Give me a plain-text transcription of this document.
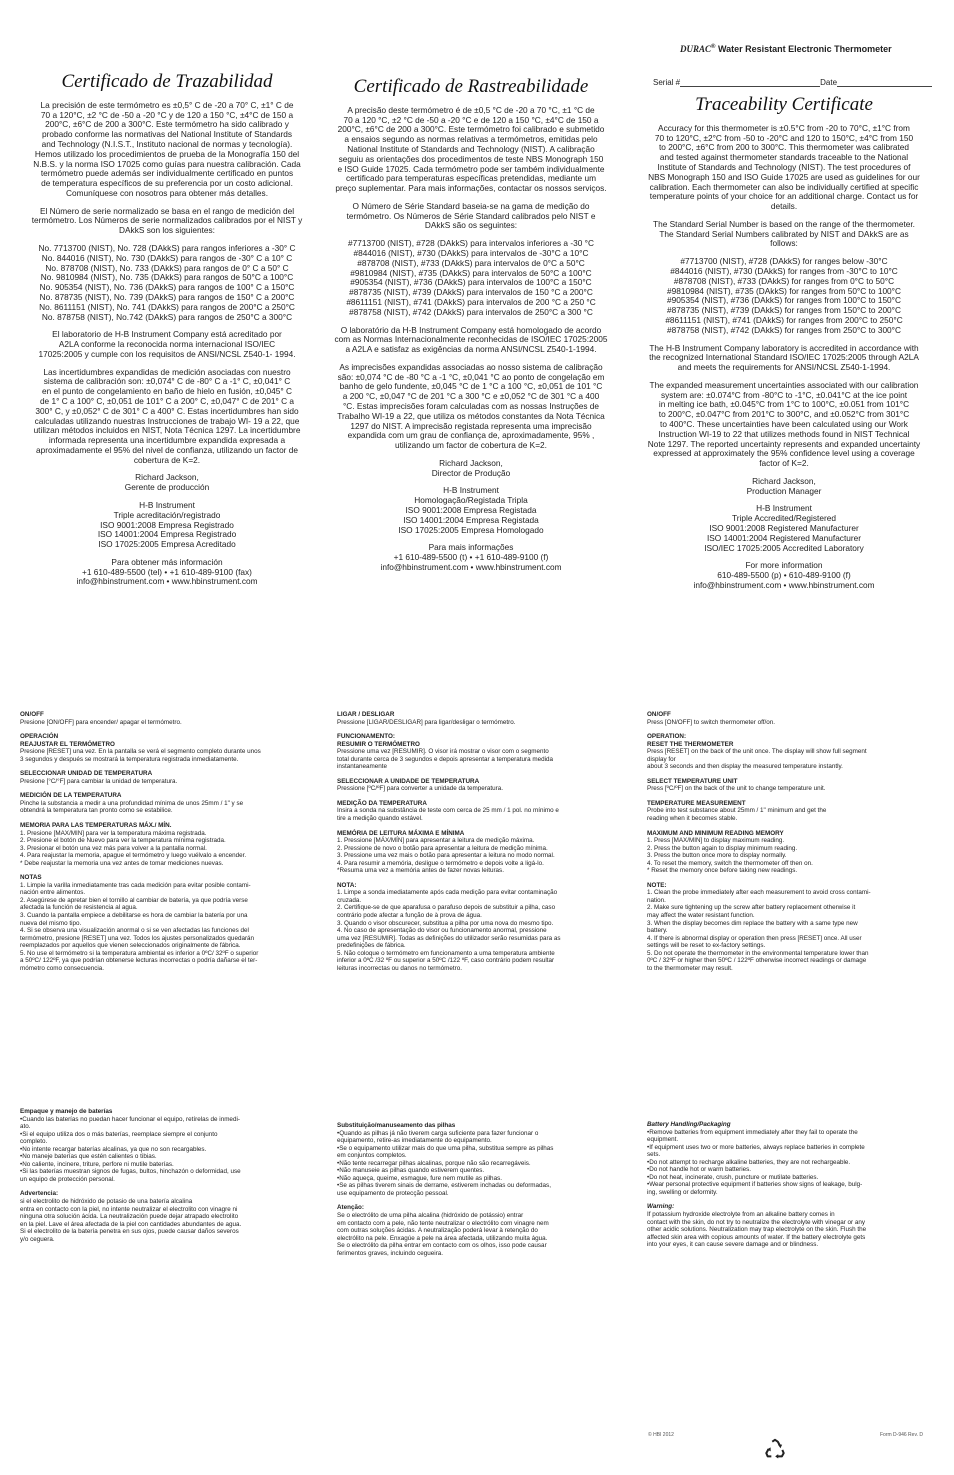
DURAC® Water Resistant Electronic Thermometer
Certificado de Trazabilidad

La precisión de este termómetro es ±0,5° C de -20 a 70° C, ±1° C de
70 a 120°C, ±2 °C de -50 a -20 °C y de 120 a 150 °C, ±4°C de 150 a
200°C, ±6°C de 200 a 300°C. Este termómetro ha sido calibrado y
probado conforme las normativas del National Institute of Standards
and Technology (N.I.S.T., Instituto nacional de normas y tecnología).
Hemos utilizado los procedimientos de prueba de la Monografía 150 del
N.B.S. y la norma ISO 17025 como guías para nuestra calibración. Cada
termómetro puede además ser individualmente certificado en puntos
de temperatura específicos de su preferencia por un costo adicional.
Comuníquese con nosotros para obtener más detalles.

El Número de serie normalizado se basa en el rango de medición del
termómetro. Los Números de serie normalizados calibrados por el NIST y
DAkkS son los siguientes:

No. 7713700 (NIST), No. 728 (DAkkS) para rangos inferiores a -30° C
No. 844016 (NIST), No. 730 (DAkkS) para rangos de -30° C a 10° C
No. 878708 (NIST), No. 733 (DAkkS) para rangos de 0° C a 50° C
No. 9810984 (NIST), No. 735 (DAkkS) para rangos de 50°C a 100°C
No. 905354 (NIST), No. 736 (DAkkS) para rangos de 100° C a 150°C
No. 878735 (NIST), No. 739 (DAkkS) para rangos de 150° C a 200°C
No. 8611151 (NIST), No. 741 (DAkkS) para rangos de 200°C a 250°C
No. 878758 (NIST), No.742 (DAkkS) para rangos de 250°C a 300°C

El laboratorio de H-B Instrument Company está acreditado por
A2LA conforme la reconocida norma internacional ISO/IEC
17025:2005 y cumple con los requisitos de ANSI/NCSL Z540-1- 1994.

Las incertidumbres expandidas de medición asociadas con nuestro
sistema de calibración son: ±0,074° C de -80° C a -1° C, ±0,041° C
en el punto de congelamiento en baño de hielo en fusión, ±0,045° C
de 1° C a 100° C, ±0,051 de 101° C a 200° C, ±0,047° C de 201° C a
300° C, y ±0,052° C de 301° C a 400° C. Estas incertidumbres han sido
calculadas utilizando nuestras Instrucciones de trabajo WI- 19 a 22, que
utilizan métodos incluidos en NIST, Nota Técnica 1297. La incertidumbre
informada representa una incertidumbre expandida expresada a
aproximadamente el 95% del nivel de confianza, utilizando un factor de
cobertura de K=2.

Richard Jackson,
Gerente de producción

H-B Instrument
Triple acreditación/registrado
ISO 9001:2008 Empresa Registrado
ISO 14001:2004 Empresa Registrado
ISO 17025:2005 Empresa Acreditado

Para obtener más información
+1 610-489-5500 (tel) • +1 610-489-9100 (fax)
info@hbinstrument.com • www.hbinstrument.com

Certificado de Rastreabilidade

A precisão deste termómetro é de ±0,5 °C de -20 a 70 °C, ±1 °C de
70 a 120 °C, ±2 °C de -50 a -20 °C e de 120 a 150 °C, ±4°C de 150 a
200°C, ±6°C de 200 a 300°C. Este termómetro foi calibrado e submetido
a ensaios segundo as normas relativas a termómetros, emitidas pelo
National Institute of Standards and Technology (NIST). A calibração
seguiu as orientações dos procedimentos de teste NBS Monograph 150
e ISO Guide 17025. Cada termómetro pode ser também individualmente
certificado para temperaturas específicas pretendidas, mediante um
preço suplementar. Para mais informações, contactar os nossos serviços.

O Número de Série Standard baseia-se na gama de medição do
termómetro. Os Números de Série Standard calibrados pelo NIST e
DAkkS são os seguintes:

#7713700 (NIST), #728 (DAkkS) para intervalos inferiores a -30 °C
#844016 (NIST), #730 (DAkkS) para intervalos de -30°C a 10°C
#878708 (NIST), #733 (DAkkS) para intervalos de 0°C a 50°C
#9810984 (NIST), #735 (DAkkS) para intervalos de 50°C a 100°C
#905354 (NIST), #736 (DAkkS) para intervalos de 100°C a 150°C
#878735 (NIST), #739 (DAkkS) para intervalos de 150 °C a 200°C
#8611151 (NIST), #741 (DAkkS) para intervalos de 200 °C a 250 °C
#878758 (NIST), #742 (DAkkS) para intervalos de 250°C a 300 °C

O laboratório da H-B Instrument Company está homologado de acordo
com as Normas Internacionalmente reconhecidas de ISO/IEC 17025:2005
a A2LA e satisfaz as exigências da norma ANSI/NCSL Z540-1-1994.

As imprecisões expandidas associadas ao nosso sistema de calibração
são: ±0,074 °C de -80 °C a -1 °C, ±0,041 °C ao ponto de congelação em
banho de gelo fundente, ±0,045 °C de 1 °C a 100 °C, ±0,051 de 101 °C
a 200 °C, ±0,047 °C de 201 °C a 300 °C e ±0,052 °C de 301 °C a 400
°C. Estas imprecisões foram calculadas com as nossas Instruções de
Trabalho WI-19 a 22, que utiliza os métodos constantes da Nota Técnica
1297 do NIST. A imprecisão registada representa uma imprecisão
expandida com um grau de confiança de, aproximadamente, 95% ,
utilizando um factor de cobertura de K=2.

Richard Jackson,
Director de Produção

H-B Instrument
Homologação/Registada Tripla
ISO 9001:2008 Empresa Registada
ISO 14001:2004 Empresa Registada
ISO 17025:2005 Empresa Homologado

Para mais informações
+1 610-489-5500 (t) • +1 610-489-9100 (f)
info@hbinstrument.com • www.hbinstrument.com

Serial #	Date
Traceability Certificate

Accuracy for this thermometer is ±0.5°C from -20 to 70°C, ±1°C from
70 to 120°C, ±2°C from -50 to -20°C and 120 to 150°C, ±4°C from 150
to 200°C, ±6°C from 200 to 300°C. This thermometer was calibrated
and tested against thermometer standards traceable to the National
Institute of Standards and Technology (NIST). The test procedures of
NBS Monograph 150 and ISO Guide 17025 are used as guidelines for our
calibration. Each thermometer can also be individually certified at specific
temperature points of your choice for an additional charge. Contact us for
details.

The Standard Serial Number is based on the range of the thermometer.
The Standard Serial Numbers calibrated by NIST and DAkkS are as
follows:

#7713700 (NIST), #728 (DAkkS) for ranges below -30°C
#844016 (NIST), #730 (DAkkS) for ranges from -30°C to 10°C
#878708 (NIST), #733 (DAkkS) for ranges from 0°C to 50°C
#9810984 (NIST), #735 (DAkkS) for ranges from 50°C to 100°C
#905354 (NIST), #736 (DAkkS) for ranges from 100°C to 150°C
#878735 (NIST), #739 (DAkkS) for ranges from 150°C to 200°C
#8611151 (NIST), #741 (DAkkS) for ranges from 200°C to 250°C
#878758 (NIST), #742 (DAkkS) for ranges from 250°C to 300°C

The H-B Instrument Company laboratory is accredited in accordance with
the recognized International Standard ISO/IEC 17025:2005 through A2LA
and meets the requirements for ANSI/NCSL Z540-1-1994.

The expanded measurement uncertainties associated with our calibration
system are: ±0.074°C from -80°C to -1°C, ±0.041°C at the ice point
in melting ice bath, ±0.045°C from 1°C to 100°C, ±0.051 from 101°C
to 200°C, ±0.047°C from 201°C to 300°C, and ±0.052°C from 301°C
to 400°C. These uncertainties have been calculated using our Work
Instruction WI-19 to 22 that utilizes methods found in NIST Technical
Note 1297. The reported uncertainty represents and expanded uncertainty
expressed at approximately the 95% confidence level using a coverage
factor of K=2.

Richard Jackson,
Production Manager

H-B Instrument
Triple Accredited/Registered
ISO 9001:2008 Registered Manufacturer
ISO 14001:2004 Registered Manufacturer
ISO/IEC 17025:2005 Accredited Laboratory

For more information
610-489-5500 (p) • 610-489-9100 (f)
info@hbinstrument.com • www.hbinstrument.com

ON/OFF

Presione [ON/OFF] para encender/ apagar el termómetro.

OPERACIÓN
REAJUSTAR EL TERMÓMETRO

Presione [RESET] una vez. En la pantalla se verá el segmento completo durante unos
3 segundos y después se mostrará la temperatura registrada inmediatamente.

SELECCIONAR UNIDAD DE TEMPERATURA

Presione [°C/°F] para cambiar la unidad de temperatura.

MEDICIÓN DE LA TEMPERATURA

Pinche la substancia a medir a una profundidad mínima de unos 25mm / 1" y se
obtendrá la temperatura tan pronto como se estabilice.

MEMORIA PARA LAS TEMPERATURAS MÁX./ MÍN.

1. Presione [MAX/MIN] para ver la temperatura máxima registrada.
2. Presione el botón de Nuevo para ver la temperatura mínima registrada.
3. Presionar el botón una vez más para volver a la pantalla normal.
4. Para reajustar la memoria, apague el termómetro y luego vuélvalo a encender.
* Debe reajustar la memoria una vez antes de tomar mediciones nuevas.

NOTAS

1. Limpie la varilla inmediatamente tras cada medición para evitar posible contami-
nación entre alimentos.
2. Asegúrese de apretar bien el tornillo al cambiar de batería, ya que podría verse
afectada la función de resistencia al agua.
3. Cuando la pantalla empiece a debilitarse es hora de cambiar la batería por una
nueva del mismo tipo.
4. Si se observa una visualización anormal o si se ven afectadas las funciones del
termómetro, presione [RESET] una vez. Todos los ajustes personalizados quedarán
reemplazados por aquellos que vienen seleccionados originalmente de fábrica.
5. No use el termómetro si la temperatura ambiental es inferior a 0ºC/ 32ºF o superior
a 50ºC/ 122ºF, ya que podrían obtenerse lecturas incorrectas o podría dañarse el ter-
mómetro como consecuencia.

LIGAR / DESLIGAR

Pressione [LIGAR/DESLIGAR] para ligar/desligar o termómetro.

FUNCIONAMENTO:
RESUMIR O TERMÓMETRO

Pressione uma vez [RESUMIR]. O visor irá mostrar o visor com o segmento
total durante cerca de 3 segundos e depois apresentar a temperatura medida
instantaneamente

SELECCIONAR A UNIDADE DE TEMPERATURA

Pressione [ºC/ºF] para converter a unidade da temperatura.

MEDIÇÃO DA TEMPERATURA

Insira a sonda na substância de teste com cerca de 25 mm / 1 pol. no mínimo e
tire a medição quando estável.

MEMÓRIA DE LEITURA MÁXIMA E MÍNIMA

1. Pressione [MÁX/MÍN] para apresentar a leitura de medição máxima.
2. Pressione de novo o botão para apresentar a leitura de medição mínima.
3. Pressione uma vez mais o botão para apresentar a leitura no modo normal.
4. Para resumir a memória, desligue o termómetro e depois volte a ligá-lo.
*Resuma uma vez a memória antes de fazer novas leituras.

NOTA:

1. Limpe a sonda imediatamente após cada medição para evitar contaminação
cruzada.
2. Certifique-se de que aparafusa o parafuso depois de substituir a pilha, caso
contrário pode afectar a função de à prova de água.
3. Quando o visor obscurecer, substitua a pilha por uma nova do mesmo tipo.
4. No caso de apresentação do visor ou funcionamento anormal, pressione
uma vez [RESUMIR]. Todas as definições do utilizador serão resumidas para as
predefinições de fábrica.
5. Não coloque o termómetro em funcionamento a uma temperatura ambiente
inferior a 0ºC /32 ºF ou superior a 50ºC /122 ºF, caso contrário podem resultar
leituras incorrectas ou danos no termómetro.

ON/OFF

Press [ON/OFF] to switch thermometer off/on.

OPERATION:
RESET THE THERMOMETER

Press [RESET] on the back of the unit once. The display will show full segment
display for
about 3 seconds and then display the measured temperature instantly.

SELECT TEMPERATURE UNIT

Press [ºC/ºF] on the back of the unit to change temperature unit.

TEMPERATURE MEASUREMENT

Probe into test substance about 25mm / 1" minimum and get the
reading when it becomes stable.

MAXIMUM AND MINIMUM READING MEMORY

1. Press [MAX/MIN] to display maximum reading.
2. Press the button again to display minimum reading.
3. Press the button once more to display normally.
4. To reset the memory, switch the thermometer off then on.
* Reset the memory once before taking new readings.

NOTE:

1. Clean the probe immediately after each measurement to avoid cross contami-
nation.
2. Make sure tightening up the screw after battery replacement otherwise it
may affect the water resistant function.
3. When the display becomes dim replace the battery with a same type new
battery.
4. If there is abnormal display or operation then press [RESET] once. All user
settings will be reset to ex-factory settings.
5. Do not operate the thermometer in the environmental temperature lower than
0ºC / 32ºF or higher then 50ºC / 122ºF otherwise incorrect readings or damage
to the thermometer may result.

Empaque y manejo de baterías

•Cuando las baterías no puedan hacer funcionar el equipo, retírelas de inmedi-
ato.
•Si el equipo utiliza dos o más baterías, reemplace siempre el conjunto
completo.
•No intente recargar baterías alcalinas, ya que no son recargables.
•No maneje baterías que estén calientes o tibias.
•No caliente, incinere, triture, perfore ni mutile baterías.
•Si las baterías muestran signos de fugas, bultos, hinchazón o deformidad, use
un equipo de protección personal.

Advertencia:
si el electrolito de hidróxido de potasio de una batería alcalina
entra en contacto con la piel, no intente neutralizar el electrolito con vinagre ni
ninguna otra solución ácida. La neutralización puede dejar atrapado electrolito
en la piel. Lave el área afectada de la piel con cantidades abundantes de agua.
Si el electrolito de la batería penetra en sus ojos, puede causar daños severos
y/o ceguera.

Substituição/manuseamento das pilhas

•Quando as pilhas já não tiverem carga suficiente para fazer funcionar o
equipamento, retire-as imediatamente do equipamento.
•Se o equipamento utilizar mais do que uma pilha, substitua sempre as pilhas
em conjuntos completos.
•Não tente recarregar pilhas alcalinas, porque não são recarregáveis.
•Não manuseie as pilhas quando estiverem quentes.
•Não aqueça, queime, esmague, fure nem mutile as pilhas.
•Se as pilhas tiverem sinais de derrame, estiverem inchadas ou deformadas,
use equipamento de protecção pessoal.

Atenção:
Se o electrólito de uma pilha alcalina (hidróxido de potássio) entrar
em contacto com a pele, não tente neutralizar o electrólito com vinagre nem
com outras soluções ácidas. A neutralização poderá levar à retenção do
electrólito na pele. Enxagúe a pele na área afectada, utilizando muita água.
Se o electrólito da pilha entrar em contacto com os olhos, isso pode causar
ferimentos graves, incluindo cegueira.

Battery Handling/Packaging

•Remove batteries from equipment immediately after they fail to operate the
equipment.
•If equipment uses two or more batteries, always replace batteries in complete
sets.
•Do not attempt to recharge alkaline batteries, they are not rechargeable.
•Do not handle hot or warm batteries.
•Do not heat, incinerate, crush, puncture or mutilate batteries.
•Wear personal protective equipment if batteries show signs of leakage, bulg-
ing, swelling or deformity.

Warning:
If potassium hydroxide electrolyte from an alkaline battery comes in
contact with the skin, do not try to neutralize the electrolyte with vinegar or any
other acidic solutions. Neutralization may trap electrolyte on the skin. Flush the
affected skin area with copious amounts of water. If the battery electrolyte gets
into your eyes, it can cause severe damage and or blindness.

© HBI 2012	Form D-946 Rev. D
